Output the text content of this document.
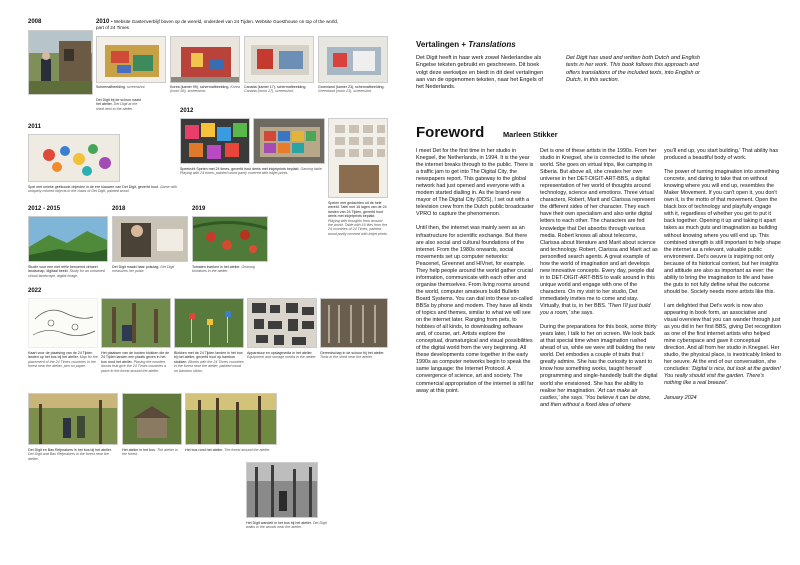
2008
Det Digit bij de schuur naast het atelier. Det Digit at the shed next to the atelier.
2010 • Website Gastenverblijf boven op de wereld, onderdeel van 24 Tijden. Website Guesthouse on top of the world, part of 24 Times
Schermafbeelding. screenshot.	Korea (kamer 99), schermafbeelding. Korea (room 99), screenshot.
Canada (kamer 17), schermafbeelding. Canada (room 17), screenshot.
Groenland (kamer 23), schermafbeelding. Greenland (room 23), screenshot.
2011
Spel met unieke geëkoode objecten in de ere klauwen van Det Digit, geverfd hout. Game with uniquely colored objects in the claws of Det Digit, painted wood.
2012
Speelruht Spelen met 24 times, geverfd hout deels met inkjetprints beplakt. Gaming table Playing with 24 times, painted wood partly covered with inkjet prints.
Spelen met gedachten uit de hele wereld. Tafel met 16 lagen van de 24 landen van 24 Tijden, geverfd hout deels met inkjetprints beplakt. Playing with thoughts from around the world. Table with 16 tiles from the 24 countries of 24 Times, painted wood partly covered with inkjet prints.
2012 - 2015
Studie voor een niet reële benoemd virtueel landschap, digitaal beeld. Study for an unnamed virtual landscape, digital image.
2018
Det Digit maakt haar polsdag. Det Digit measures her pulse.
2019
Tomaten kweken in het atelier. Growing tomatoes in the atelier.
2022
Kaart voor de plaatsing van de 24 Tijden landen op het bos bij het atelier. Map for the placement of the 24 Times countries in the forest near the atelier, pen on paper.
Het plaatsen van de houten blokken die de 24 Tijden landen een plaats geven in het bos rond het atelier. Placing the wooden blocks that give the 24 Times countries a place in the forest around the atelier.
Blokken met de 24 Tijden landen in het bos bij het atelier, geverfd hout op bamboe stokken. Blocks with the 24 Times countries in the forest near the atelier, painted wood on bamboo sticks.
Apparatuur en opslagmedia in het atelier. Equipment and storage media in the atelier.
Gereedschap in de schuur bij het atelier. Tools in the shed near the atelier.
Det Digit en Bas Reijmakers in het bos bij het atelier. Det Digit and Bas Reijmakers in the forest near the atelier.
Het atelier in het bos. The atelier in the forest.
Het bos rond het atelier. The forest around the atelier.
Het Digit wandelt in het bos bij het atelier. Det Digit walks in the woods near the atelier.
Vertalingen + Translations
Det Digit heeft in haar werk zowel Nederlandse als Engelse teksten gebruikt en geschreven. Dit boek volgt deze werkwijze en biedt in dit deel vertalingen aan van de opgenomen teksten, naar het Engels of het Nederlands.
Det Digit has used and written both Dutch and English texts in her work. This book follows this approach and offers translations of the included texts, into English or Dutch, in this section.
Foreword	Marleen Stikker

I meet Det for the first time in her studio in Knegsel, the Netherlands, in 1994. It is the year the internet breaks through to the public. There is a traffic jam to get into The Digital City, the newspapers report. This gateway to the global network had just opened and everyone with a modem started dialling in. As the brand-new mayor of The Digital City (DDS), I set out with a television crew from the Dutch public broadcaster VPRO to capture the phenomenon.

Until then, the internet was mainly seen as an infrastructure for scientific exchange. But there are also social and cultural foundations of the internet. From the 1980s onwards, social movements set up computer networks: Peacenet, Greennet and HIVnet, for example. They help people around the world gather crucial information, communicate with each other and organise themselves. From living rooms around the world, computer amateurs build Bulletin Board Systems. You can dial into these so-called BBSs by phone and modem. They have all kinds of topics and themes, similar to what we will see on the internet later. Ranging from pets, to hobbies of all kinds, to downloading software and, of course, art. Artists explore the conceptual, dramaturgical and visual possibilities of the digital world from the very beginning. All these developments come together in the early 1990s as computer networks begin to speak the same language: the Internet Protocol. A convergence of science, art and society. The commercial appropriation of the internet is still far away at this point.

Det is one of these artists in the 1990s. From her studio in Knegsel, she is connected to the whole world. She goes on virtual trips, like camping in Siberia. But above all, she creates her own universe in her DET-DIGIT-ART-BBS, a digital representation of her world of thoughts around technology, science and emotions. Three virtual characters, Robert, Marit and Clarissa represent the different sides of her character. They each have their own specialism and also write digital letters to each other. The characters are fed knowledge that Det absorbs through various media. Robert knows all about telecoms, Clarissa about literature and Marit about science and technology. Robert, Clarissa and Marit act as personified search agents. A great example of how the world of imagination and art develops new innovative concepts. Every day, people dial in to DET-DIGIT-ART-BBS to walk around in this unique world and engage with one of the characters. On my visit to her studio, Det immediately invites me to come and stay. Virtually, that is, in her BBS. 'Then I'll just build you a room,' she says.

During the preparations for this book, some thirty years later, I talk to her on screen. We look back at that special time when imagination rushed ahead of us, while we were still building the new world. Det embodies a couple of traits that I greatly admire. She has the curiosity to want to know how something works, taught herself programming and single-handedly built the digital world she envisioned. She has the ability to realise her imagination. 'Art can make air castles,' she says. 'You believe it can be done, and then without a fixed idea of where

you'll end up, you start building.' That ability has produced a beautiful body of work.

The power of turning imagination into something concrete, and daring to take that on without knowing where you will end up, resembles the Maker Movement. If you can't open it, you don't own it, is the motto of that movement. Open the black box of technology and playfully engage with it, regardless of whether you get to put it back together. Opening it up and taking it apart takes as much guts and imagination as building without knowing where you will end up. This combined strength is still important to help shape the internet as a relevant, valuable public environment. Det's oeuvre is inspiring not only because of its historical context, but her insights and attitude are also as important as ever: the ability to bring the imagination to life and have the guts to not fully define what the outcome should be. Society needs more artists like this.

I am delighted that Det's work is now also appearing in book form, an associative and visual overview that you can wander through just as you did in her first BBS, giving Det recognition as one of the first internet artists who helped mine cyberspace and gave it conceptual direction. And all from her studio in Knegsel. Her studio, the physical place, is inextricably linked to her oeuvre. At the end of our conversation, she concludes: 'Digital is nice, but look at the garden! You really should visit the garden. There's nothing like a real breezel'.

January 2024
